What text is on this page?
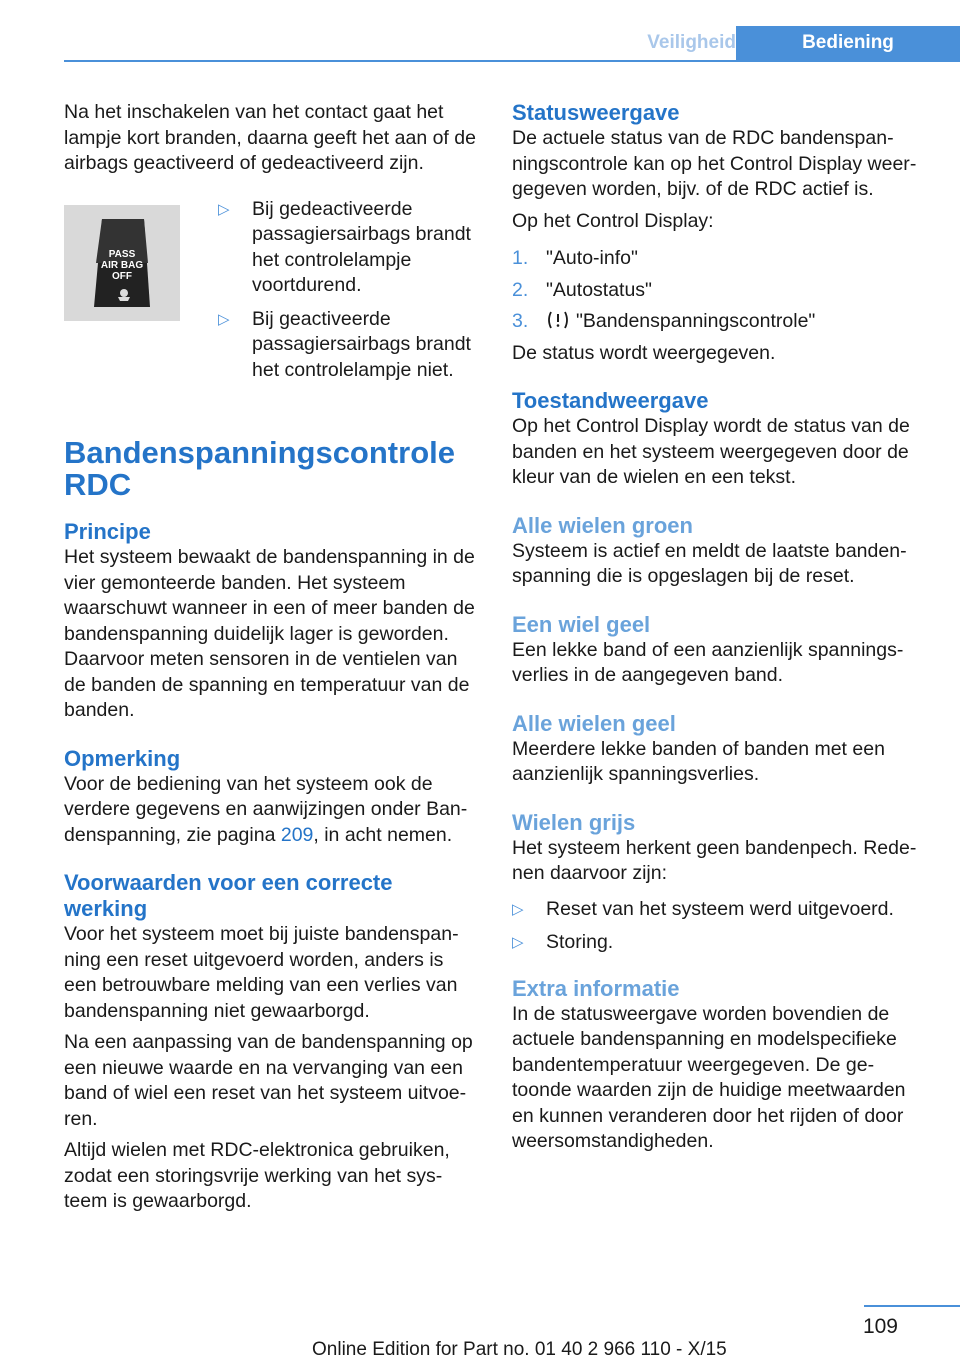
Veiligheid	Bediening

Na het inschakelen van het contact gaat het lampje kort branden, daarna geeft het aan of de airbags geactiveerd of gedeactiveerd zijn.

PASS
AIR BAG
OFF
▷ Bij gedeactiveerde passagiersairbags brandt het controlelampje voortdurend.
▷ Bij geactiveerde passagiersairbags brandt het controlelampje niet.
Bandenspanningscontrole RDC
Principe

Het systeem bewaakt de bandenspanning in de vier gemonteerde banden. Het systeem waarschuwt wanneer in een of meer banden de bandenspanning duidelijk lager is geworden. Daarvoor meten sensoren in de ventielen van de banden de spanning en temperatuur van de banden.

Opmerking

Voor de bediening van het systeem ook de verdere gegevens en aanwijzingen onder Bandenspanning, zie pagina 209, in acht nemen.

Voorwaarden voor een correcte werking

Voor het systeem moet bij juiste bandenspanning een reset uitgevoerd worden, anders is een betrouwbare melding van een verlies van bandenspanning niet gewaarborgd.

Na een aanpassing van de bandenspanning op een nieuwe waarde en na vervanging van een band of wiel een reset van het systeem uitvoeren.

Altijd wielen met RDC-elektronica gebruiken, zodat een storingsvrije werking van het systeem is gewaarborgd.

Statusweergave

De actuele status van de RDC bandenspanningscontrole kan op het Control Display weergegeven worden, bijv. of de RDC actief is.

Op het Control Display:

1. "Auto-info"
2. "Autostatus"
3. "Bandenspanningscontrole"

De status wordt weergegeven.

Toestandweergave

Op het Control Display wordt de status van de banden en het systeem weergegeven door de kleur van de wielen en een tekst.

Alle wielen groen

Systeem is actief en meldt de laatste bandenspanning die is opgeslagen bij de reset.

Een wiel geel

Een lekke band of een aanzienlijk spanningsverlies in de aangegeven band.

Alle wielen geel

Meerdere lekke banden of banden met een aanzienlijk spanningsverlies.

Wielen grijs

Het systeem herkent geen bandenpech. Redenen daarvoor zijn:

▷ Reset van het systeem werd uitgevoerd.
▷ Storing.
Extra informatie

In de statusweergave worden bovendien de actuele bandenspanning en modelspecifieke bandentemperatuur weergegeven. De getoonde waarden zijn de huidige meetwaarden en kunnen veranderen door het rijden of door weersomstandigheden.

109
Online Edition for Part no. 01 40 2 966 110 - X/15
